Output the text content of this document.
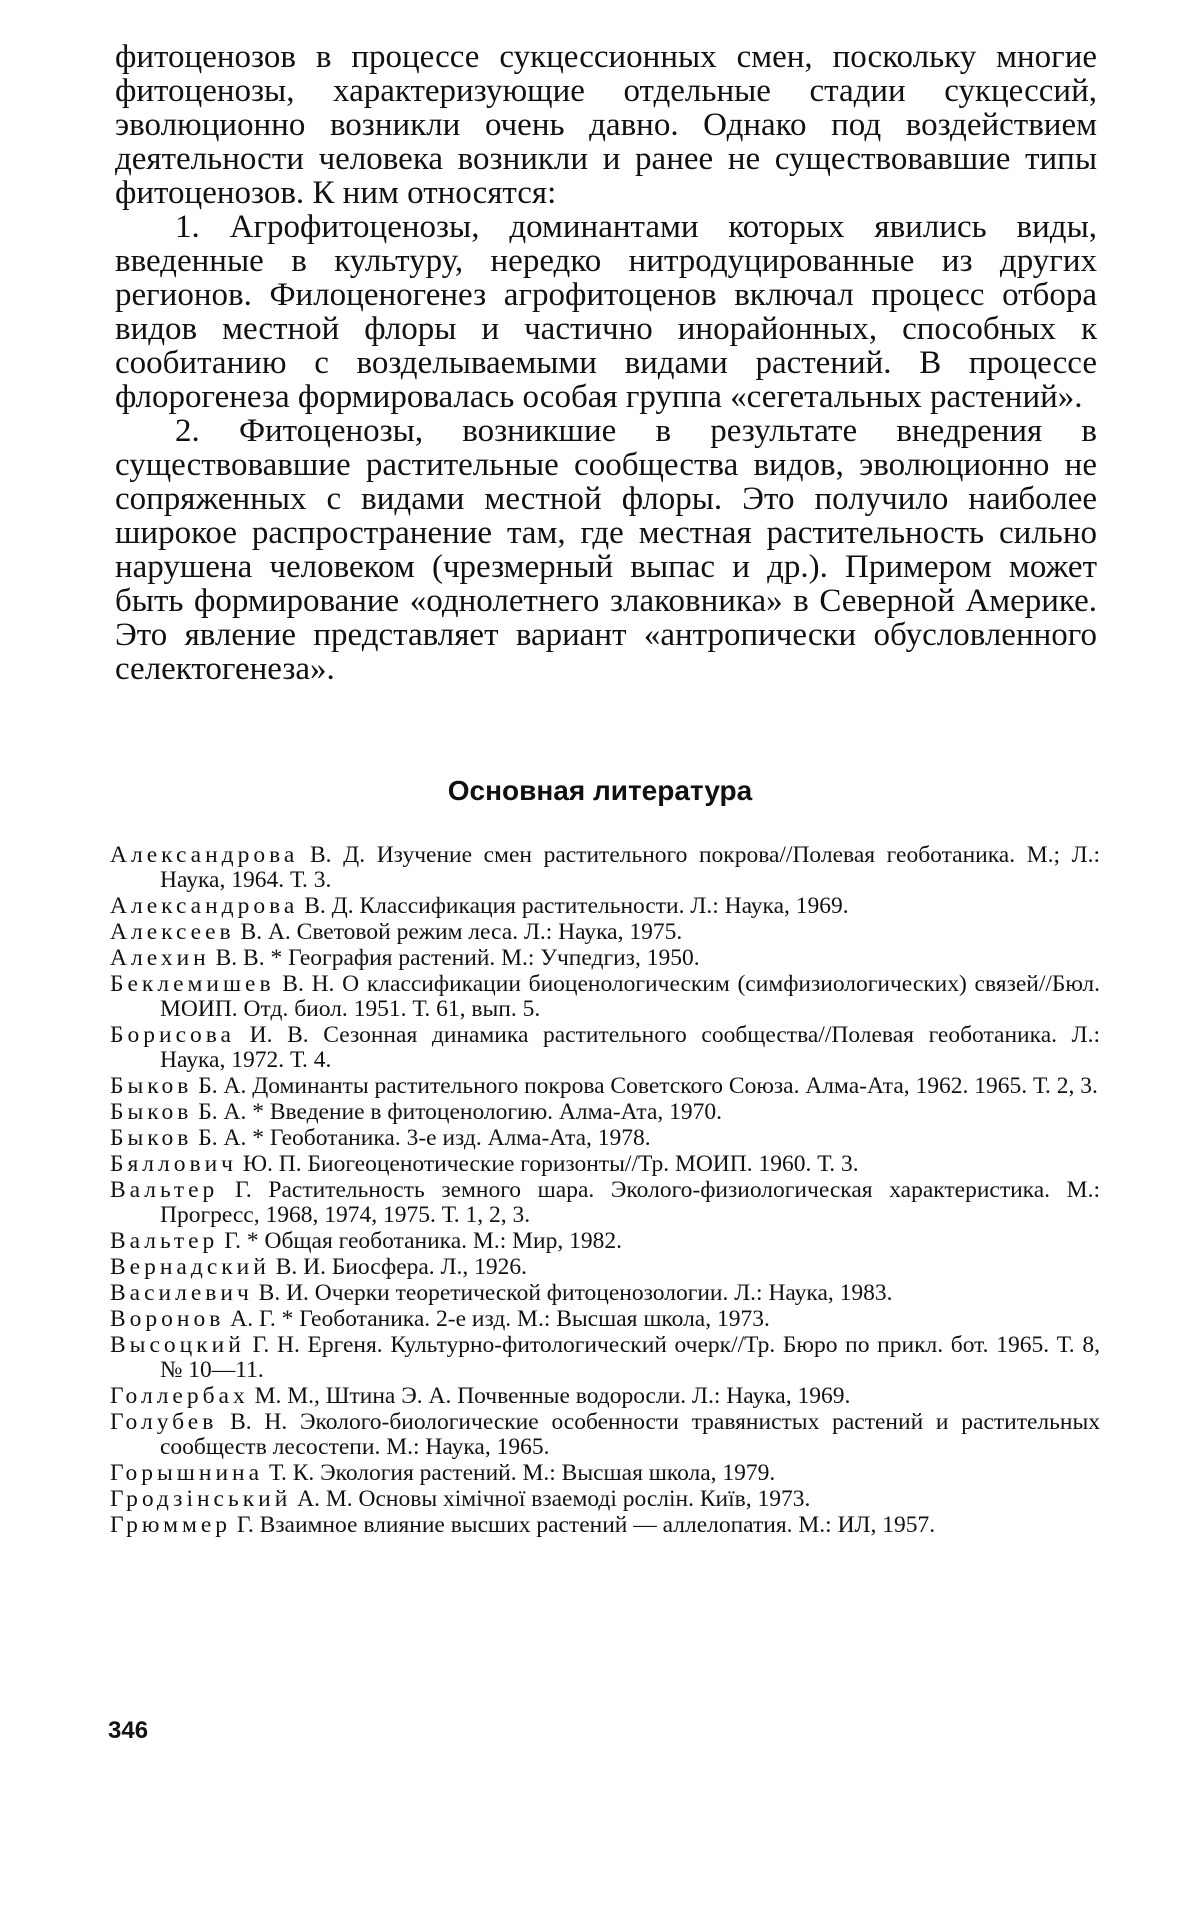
фитоценозов в процессе сукцессионных смен, поскольку многие фитоценозы, характеризующие отдельные стадии сукцессий, эволюционно возникли очень давно. Однако под воздействием деятельности человека возникли и ранее не существовавшие типы фитоценозов. К ним относятся:

1. Агрофитоценозы, доминантами которых явились виды, введенные в культуру, нередко нитродуцированные из других регионов. Филоценогенез агрофитоценов включал процесс отбора видов местной флоры и частично инорайонных, способных к сообитанию с возделываемыми видами растений. В процессе флорогенеза формировалась особая группа «сегетальных растений».

2. Фитоценозы, возникшие в результате внедрения в существовавшие растительные сообщества видов, эволюционно не сопряженных с видами местной флоры. Это получило наиболее широкое распространение там, где местная растительность сильно нарушена человеком (чрезмерный выпас и др.). Примером может быть формирование «однолетнего злаковника» в Северной Америке. Это явление представляет вариант «антропически обусловленного селектогенеза».

Основная литература
Александрова В. Д. Изучение смен растительного покрова//Полевая геоботаника. М.; Л.: Наука, 1964. Т. 3.
Александрова В. Д. Классификация растительности. Л.: Наука, 1969.
Алексеев В. А. Световой режим леса. Л.: Наука, 1975.
Алехин В. В. * География растений. М.: Учпедгиз, 1950.
Беклемишев В. Н. О классификации биоценологическим (симфизиологических) связей//Бюл. МОИП. Отд. биол. 1951. Т. 61, вып. 5.
Борисова И. В. Сезонная динамика растительного сообщества//Полевая геоботаника. Л.: Наука, 1972. Т. 4.
Быков Б. А. Доминанты растительного покрова Советского Союза. Алма-Ата, 1962. 1965. Т. 2, 3.
Быков Б. А. * Введение в фитоценологию. Алма-Ата, 1970.
Быков Б. А. * Геоботаника. 3-е изд. Алма-Ата, 1978.
Бяллович Ю. П. Биогеоценотические горизонты//Тр. МОИП. 1960. Т. 3.
Вальтер Г. Растительность земного шара. Эколого-физиологическая характеристика. М.: Прогресс, 1968, 1974, 1975. Т. 1, 2, 3.
Вальтер Г. * Общая геоботаника. М.: Мир, 1982.
Вернадский В. И. Биосфера. Л., 1926.
Василевич В. И. Очерки теоретической фитоценозологии. Л.: Наука, 1983.
Воронов А. Г. * Геоботаника. 2-е изд. М.: Высшая школа, 1973.
Высоцкий Г. Н. Ергеня. Культурно-фитологический очерк//Тр. Бюро по прикл. бот. 1965. Т. 8, № 10—11.
Голлербах М. М., Штина Э. А. Почвенные водоросли. Л.: Наука, 1969.
Голубев В. Н. Эколого-биологические особенности травянистых растений и растительных сообществ лесостепи. М.: Наука, 1965.
Горышнина Т. К. Экология растений. М.: Высшая школа, 1979.
Гродзінський А. М. Основы хімічної взаемоді рослін. Київ, 1973.
Грюммер Г. Взаимное влияние высших растений — аллелопатия. М.: ИЛ, 1957.
346
